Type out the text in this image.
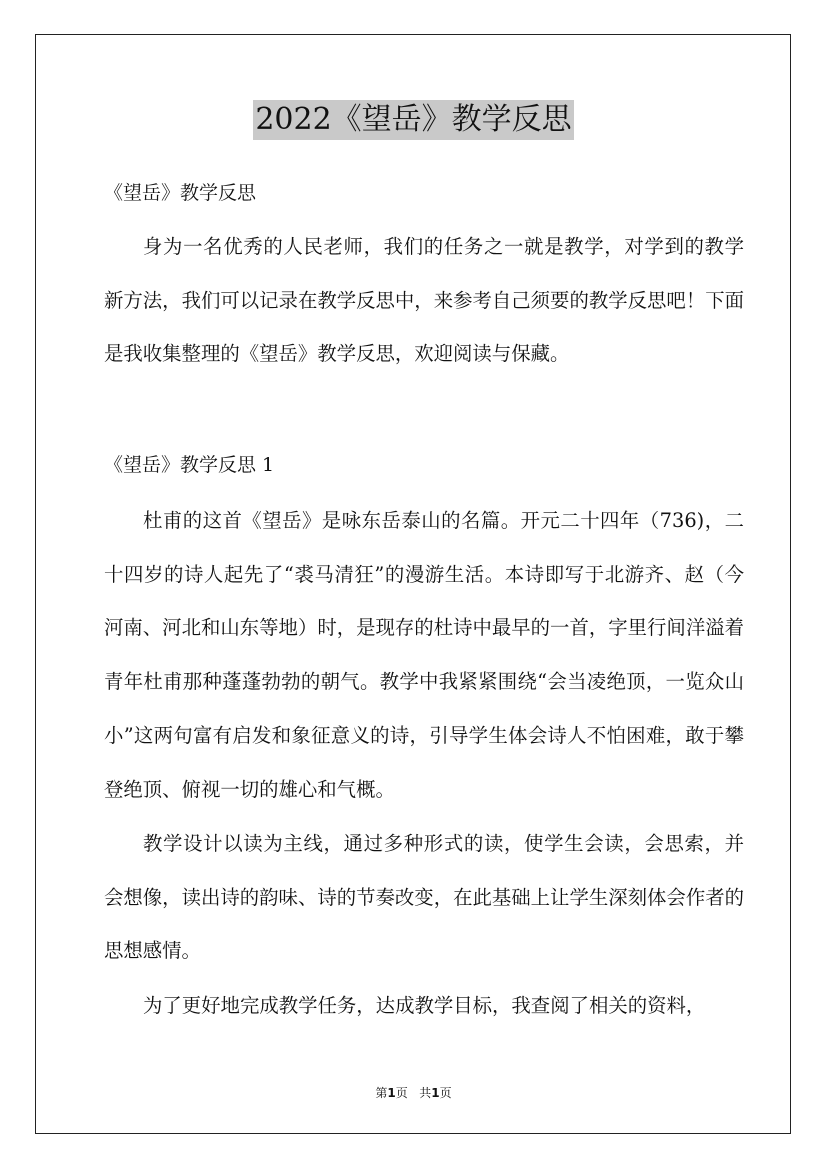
2022《望岳》教学反思
《望岳》教学反思

身为一名优秀的人民老师，我们的任务之一就是教学，对学到的教学新方法，我们可以记录在教学反思中，来参考自己须要的教学反思吧！下面是我收集整理的《望岳》教学反思，欢迎阅读与保藏。

《望岳》教学反思 1

杜甫的这首《望岳》是咏东岳泰山的名篇。开元二十四年（736)，二十四岁的诗人起先了“裘马清狂”的漫游生活。本诗即写于北游齐、赵（今河南、河北和山东等地）时，是现存的杜诗中最早的一首，字里行间洋溢着青年杜甫那种蓬蓬勃勃的朝气。教学中我紧紧围绕“会当凌绝顶，一览众山小”这两句富有启发和象征意义的诗，引导学生体会诗人不怕困难，敢于攀登绝顶、俯视一切的雄心和气概。

教学设计以读为主线，通过多种形式的读，使学生会读，会思索，并会想像，读出诗的韵味、诗的节奏改变，在此基础上让学生深刻体会作者的思想感情。

为了更好地完成教学任务，达成教学目标，我查阅了相关的资料，

第1页 共1页
